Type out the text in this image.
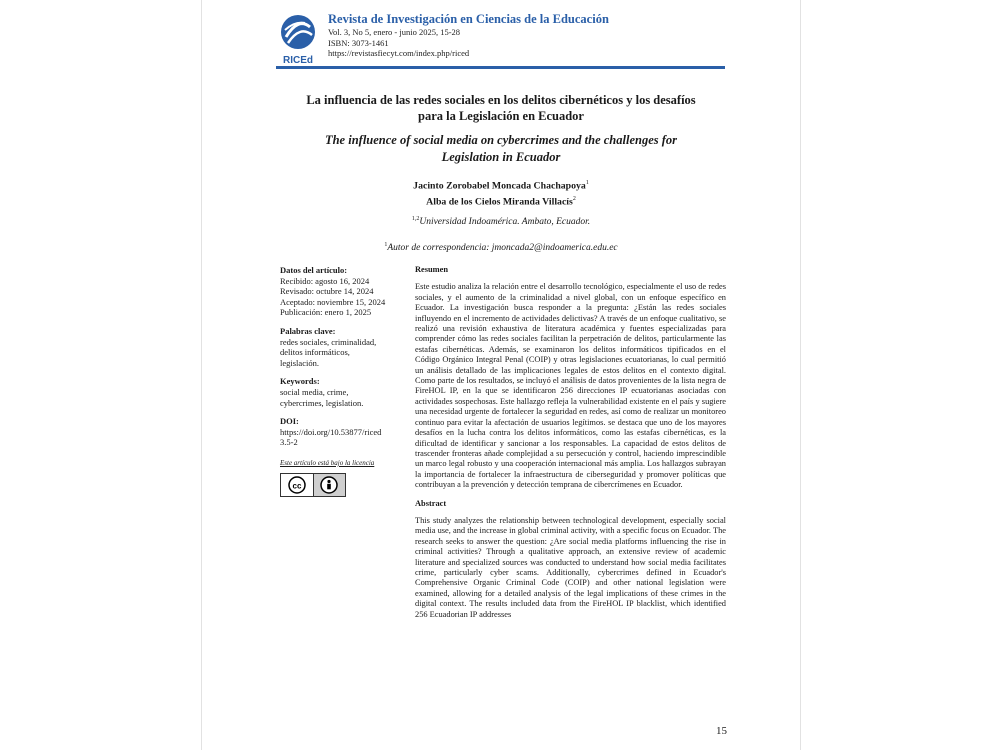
RICEd
Revista de Investigación en Ciencias de la Educación
Vol. 3, No 5, enero - junio 2025, 15-28
ISBN: 3073-1461
https://revistasfiecyt.com/index.php/riced
La influencia de las redes sociales en los delitos cibernéticos y los desafíos
para la Legislación en Ecuador
The influence of social media on cybercrimes and the challenges for
Legislation in Ecuador
Jacinto Zorobabel Moncada Chachapoya$^1$
Alba de los Cielos Miranda Villacís$^2$
$^{1,2}$Universidad Indoamérica. Ambato, Ecuador.
$^1$Autor de correspondencia: jmoncada2@indoamerica.edu.ec
Datos del artículo:
Recibido: agosto 16, 2024
Revisado: octubre 14, 2024
Aceptado: noviembre 15, 2024
Publicación: enero 1, 2025
Palabras clave:
redes sociales, criminalidad,
delitos informáticos,
legislación.
Keywords:
social media, crime,
cybercrimes, legislation.
DOI:
https://doi.org/10.53877/riced
3.5-2
Este artículo está bajo la licencia
cc
Resumen

Este estudio analiza la relación entre el desarrollo tecnológico, especialmente el uso de redes sociales, y el aumento de la criminalidad a nivel global, con un enfoque específico en Ecuador. La investigación busca responder a la pregunta: ¿Están las redes sociales influyendo en el incremento de actividades delictivas? A través de un enfoque cualitativo, se realizó una revisión exhaustiva de literatura académica y fuentes especializadas para comprender cómo las redes sociales facilitan la perpetración de delitos, particularmente las estafas cibernéticas. Además, se examinaron los delitos informáticos tipificados en el Código Orgánico Integral Penal (COIP) y otras legislaciones ecuatorianas, lo cual permitió un análisis detallado de las implicaciones legales de estos delitos en el contexto digital. Como parte de los resultados, se incluyó el análisis de datos provenientes de la lista negra de FireHOL IP, en la que se identificaron 256 direcciones IP ecuatorianas asociadas con actividades sospechosas. Este hallazgo refleja la vulnerabilidad existente en el país y sugiere una necesidad urgente de fortalecer la seguridad en redes, así como de realizar un monitoreo continuo para evitar la afectación de usuarios legítimos. se destaca que uno de los mayores desafíos en la lucha contra los delitos informáticos, como las estafas cibernéticas, es la dificultad de identificar y sancionar a los responsables. La capacidad de estos delitos de trascender fronteras añade complejidad a su persecución y control, haciendo imprescindible un marco legal robusto y una cooperación internacional más amplia. Los hallazgos subrayan la importancia de fortalecer la infraestructura de ciberseguridad y promover políticas que contribuyan a la prevención y detección temprana de cibercrímenes en Ecuador.

Abstract

This study analyzes the relationship between technological development, especially social media use, and the increase in global criminal activity, with a specific focus on Ecuador. The research seeks to answer the question: ¿Are social media platforms influencing the rise in criminal activities? Through a qualitative approach, an extensive review of academic literature and specialized sources was conducted to understand how social media facilitates crime, particularly cyber scams. Additionally, cybercrimes defined in Ecuador's Comprehensive Organic Criminal Code (COIP) and other national legislation were examined, allowing for a detailed analysis of the legal implications of these crimes in the digital context. The results included data from the FireHOL IP blacklist, which identified 256 Ecuadorian IP addresses

15
